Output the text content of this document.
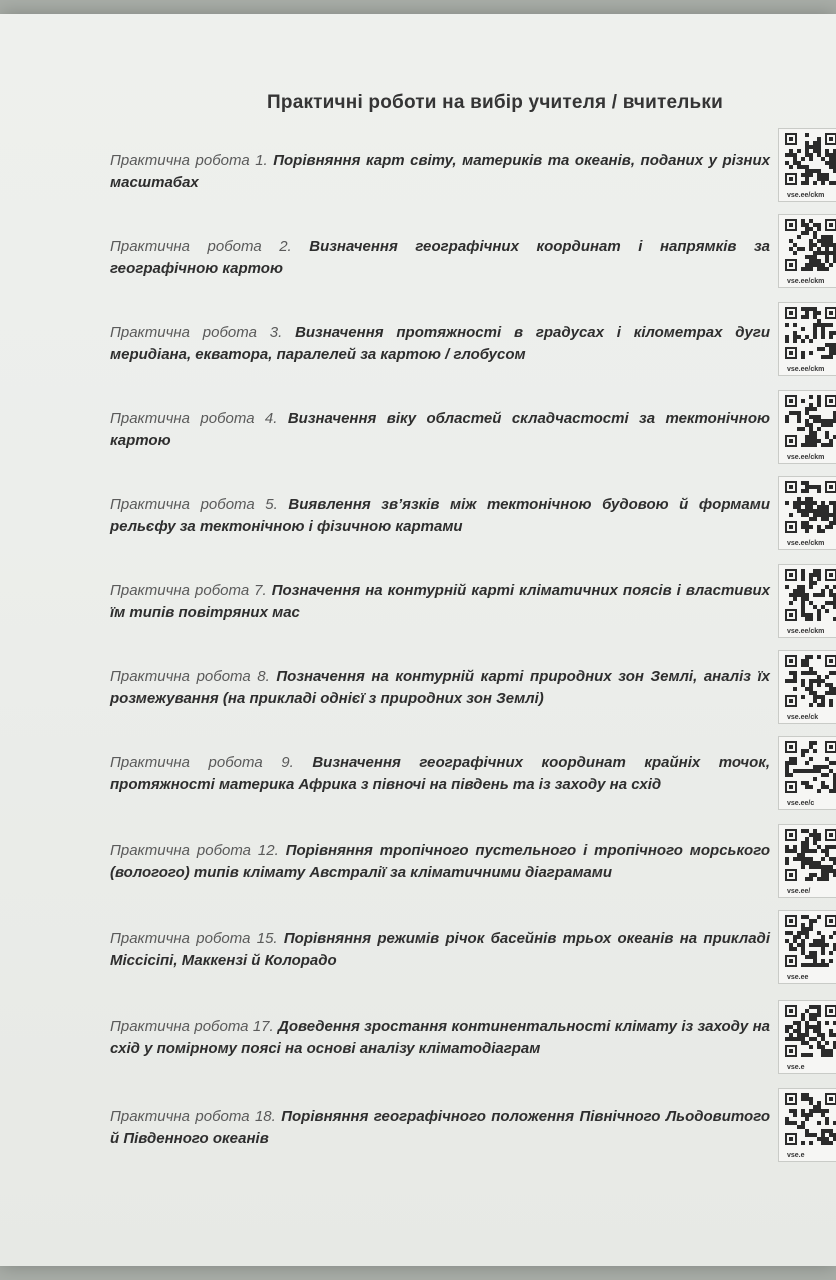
Практичні роботи на вибір учителя / вчительки
Практична робота 1. Порівняння карт світу, материків та океанів, поданих у різних масштабах
Практична робота 2. Визначення географічних координат і напрямків за географічною картою
Практична робота 3. Визначення протяжності в градусах і кілометрах дуги меридіана, екватора, паралелей за картою / глобусом
Практична робота 4. Визначення віку областей складчастості за тектонічною картою
Практична робота 5. Виявлення зв’язків між тектонічною будовою й формами рельєфу за тектонічною і фізичною картами
Практична робота 7. Позначення на контурній карті кліматичних поясів і властивих їм типів повітряних мас
Практична робота 8. Позначення на контурній карті природних зон Землі, аналіз їх розмежування (на прикладі однієї з природних зон Землі)
Практична робота 9. Визначення географічних координат крайніх точок, протяжності материка Африка з півночі на південь та із заходу на схід
Практична робота 12. Порівняння тропічного пустельного і тропічного морського (вологого) типів клімату Австралії за кліматичними діаграмами
Практична робота 15. Порівняння режимів річок басейнів трьох океанів на прикладі Міссісіпі, Маккензі й Колорадо
Практична робота 17. Доведення зростання континентальності клімату із заходу на схід у помірному поясі на основі аналізу кліматодіаграм
Практична робота 18. Порівняння географічного положення Північного Льодовитого й Південного океанів
vse.ee/ckm
vse.ee/ckm
vse.ee/ckm
vse.ee/ckm
vse.ee/ckm
vse.ee/ckm
vse.ee/ck
vse.ee/c
vse.ee/
vse.ee
vse.e
vse.e
